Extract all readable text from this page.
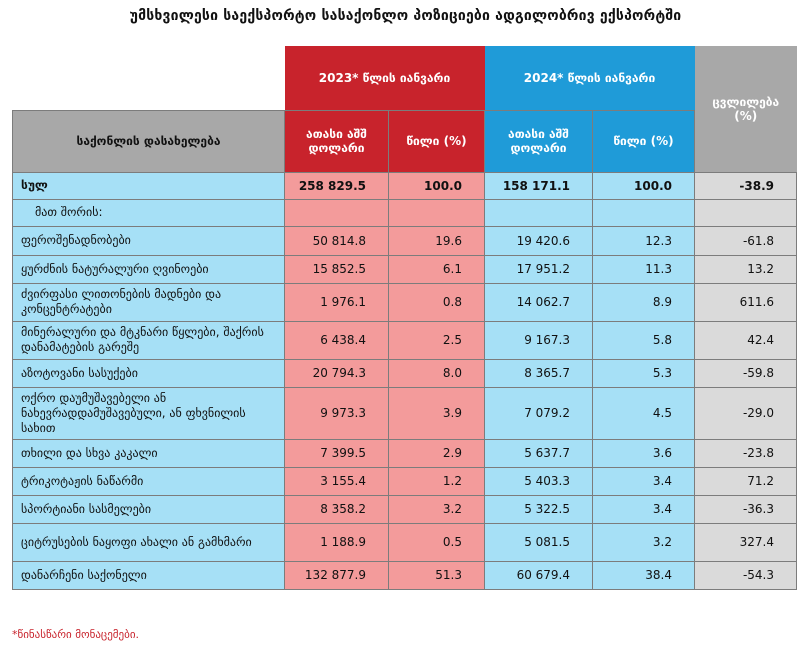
უმსხვილესი საექსპორტო სასაქონლო პოზიციები ადგილობრივ ექსპორტში
	2023* წლის იანვარი		2024* წლის იანვარი		ცვლილება (%)
საქონლის დასახელება	ათასი აშშ დოლარი	წილი (%)	ათასი აშშ დოლარი	წილი (%)	
სულ	258 829.5	100.0	158 171.1	100.0	-38.9
მათ შორის:					
ფეროშენადნობები	50 814.8	19.6	19 420.6	12.3	-61.8
ყურძნის ნატურალური ღვინოები	15 852.5	6.1	17 951.2	11.3	13.2
ძვირფასი ლითონების მადნები და კონცენტრატები	1 976.1	0.8	14 062.7	8.9	611.6
მინერალური და მტკნარი წყლები, შაქრის დანამატების გარეშე	6 438.4	2.5	9 167.3	5.8	42.4
აზოტოვანი სასუქები	20 794.3	8.0	8 365.7	5.3	-59.8
ოქრო დაუმუშავებელი ან ნახევრადდამუშავებული, ან ფხვნილის სახით	9 973.3	3.9	7 079.2	4.5	-29.0
თხილი და სხვა კაკალი	7 399.5	2.9	5 637.7	3.6	-23.8
ტრიკოტაჟის ნაწარმი	3 155.4	1.2	5 403.3	3.4	71.2
სპორტიანი სასმელები	8 358.2	3.2	5 322.5	3.4	-36.3
ციტრუსების ნაყოფი ახალი ან გამხმარი	1 188.9	0.5	5 081.5	3.2	327.4
დანარჩენი საქონელი	132 877.9	51.3	60 679.4	38.4	-54.3
*წინასწარი მონაცემები.
